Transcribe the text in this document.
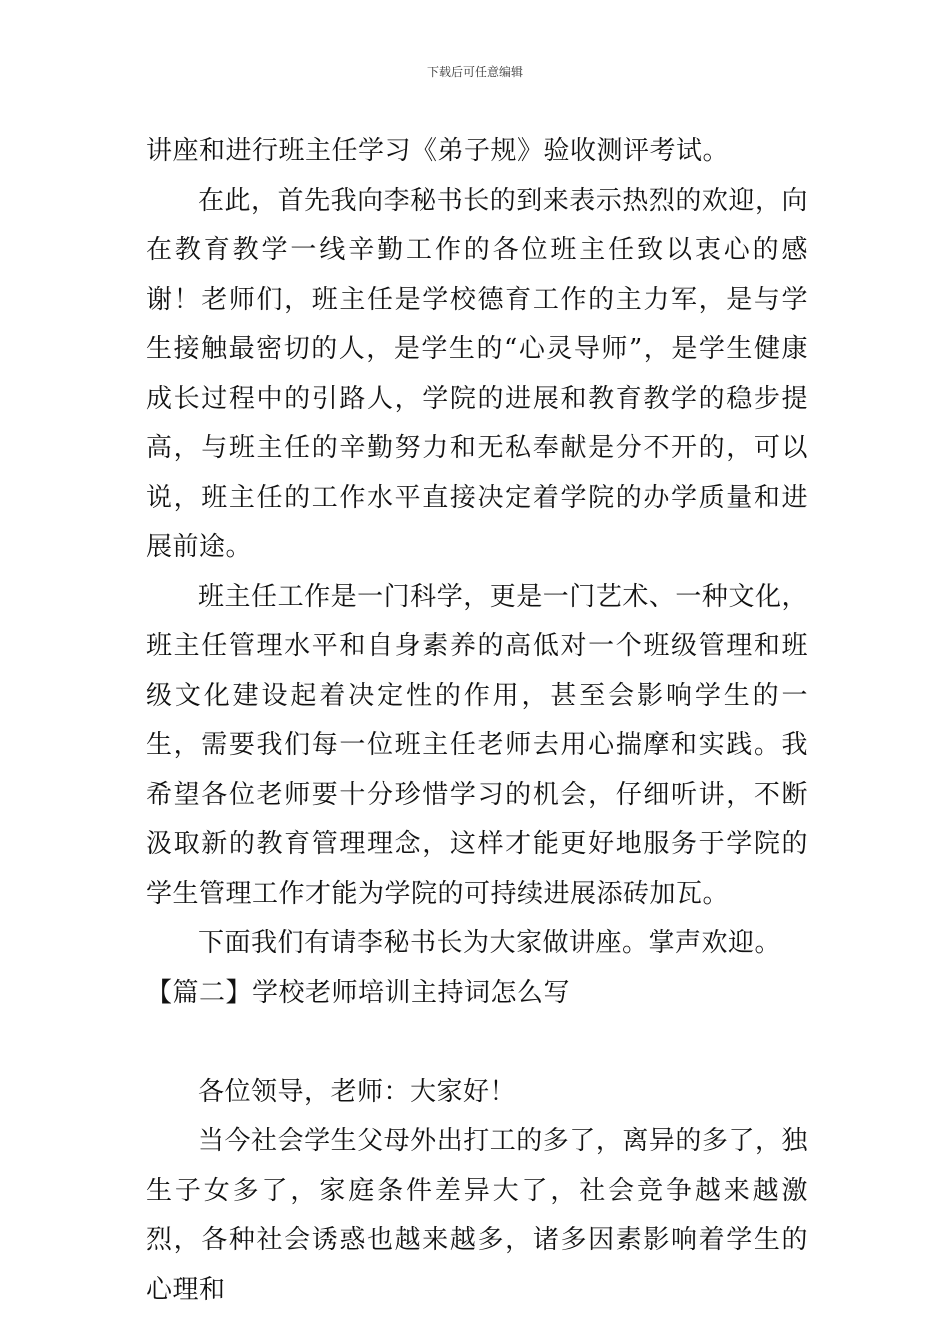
下载后可任意编辑

讲座和进行班主任学习《弟子规》验收测评考试。

在此，首先我向李秘书长的到来表示热烈的欢迎，向在教育教学一线辛勤工作的各位班主任致以衷心的感谢！老师们，班主任是学校德育工作的主力军，是与学生接触最密切的人，是学生的“心灵导师”，是学生健康成长过程中的引路人，学院的进展和教育教学的稳步提高，与班主任的辛勤努力和无私奉献是分不开的，可以说，班主任的工作水平直接决定着学院的办学质量和进展前途。

班主任工作是一门科学，更是一门艺术、一种文化，班主任管理水平和自身素养的高低对一个班级管理和班级文化建设起着决定性的作用，甚至会影响学生的一生，需要我们每一位班主任老师去用心揣摩和实践。我希望各位老师要十分珍惜学习的机会，仔细听讲，不断汲取新的教育管理理念，这样才能更好地服务于学院的学生管理工作才能为学院的可持续进展添砖加瓦。

下面我们有请李秘书长为大家做讲座。掌声欢迎。

【篇二】学校老师培训主持词怎么写

各位领导，老师：大家好！

当今社会学生父母外出打工的多了，离异的多了，独生子女多了，家庭条件差异大了，社会竞争越来越激烈，各种社会诱惑也越来越多，诸多因素影响着学生的心理和
